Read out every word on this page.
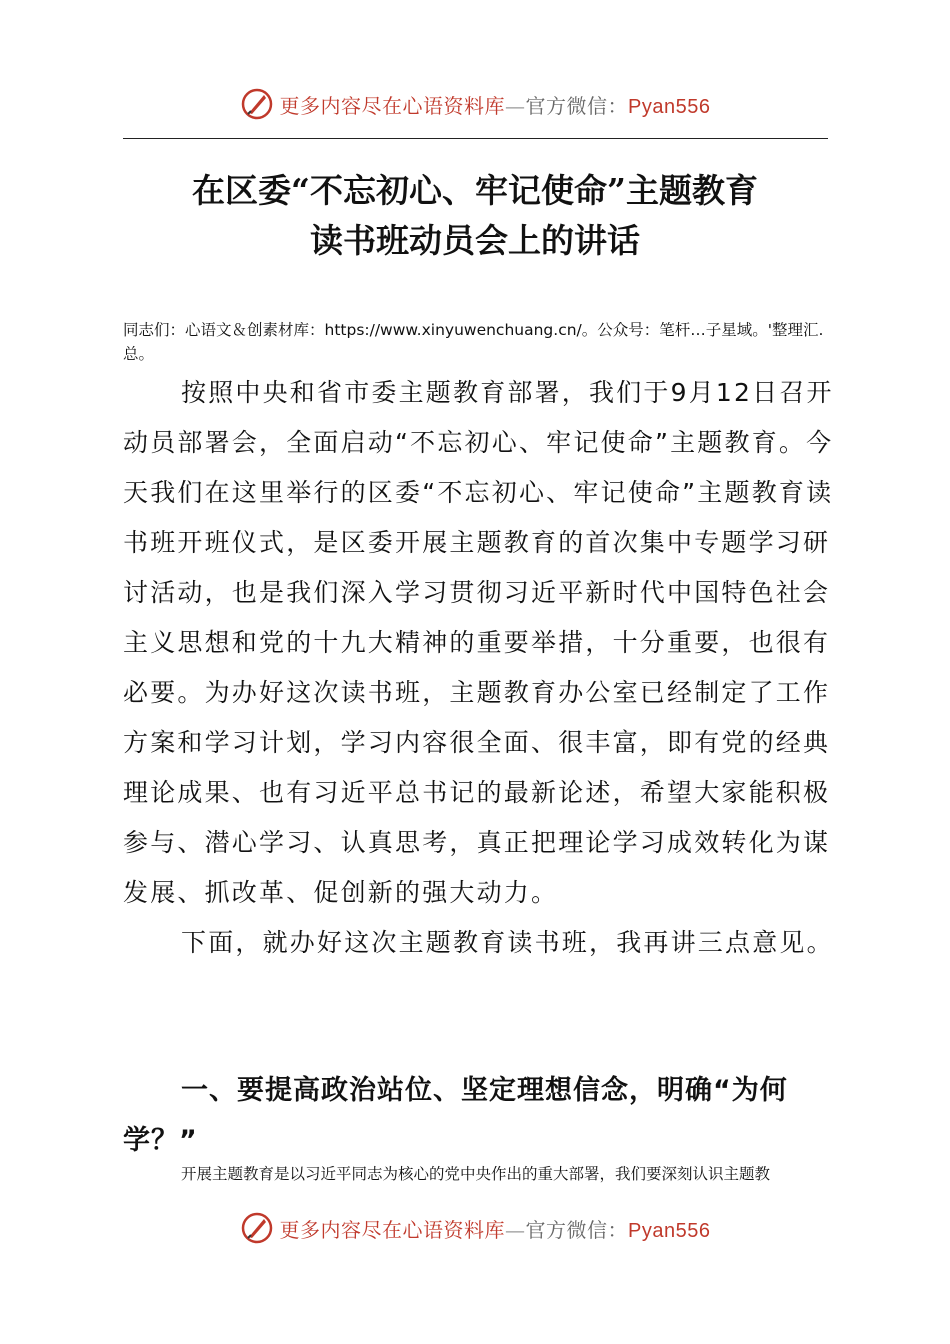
更多内容尽在心语资料库—官方微信：Pyan556
在区委“不忘初心、牢记使命”主题教育
读书班动员会上的讲话
同志们：心语文＆创素材库：https://www.xinyuwenchuang.cn/。公众号：笔杆…子星域。'整理汇.总。

按照中央和省市委主题教育部署，我们于9月12日召开动员部署会，全面启动“不忘初心、牢记使命”主题教育。今天我们在这里举行的区委“不忘初心、牢记使命”主题教育读书班开班仪式，是区委开展主题教育的首次集中专题学习研讨活动，也是我们深入学习贯彻习近平新时代中国特色社会主义思想和党的十九大精神的重要举措，十分重要，也很有必要。为办好这次读书班，主题教育办公室已经制定了工作方案和学习计划，学习内容很全面、很丰富，即有党的经典理论成果、也有习近平总书记的最新论述，希望大家能积极参与、潜心学习、认真思考，真正把理论学习成效转化为谋发展、抓改革、促创新的强大动力。

下面，就办好这次主题教育读书班，我再讲三点意见。

一、要提高政治站位、坚定理想信念，明确“为何学？”
开展主题教育是以习近平同志为核心的党中央作出的重大部署，我们要深刻认识主题教
更多内容尽在心语资料库—官方微信：Pyan556
